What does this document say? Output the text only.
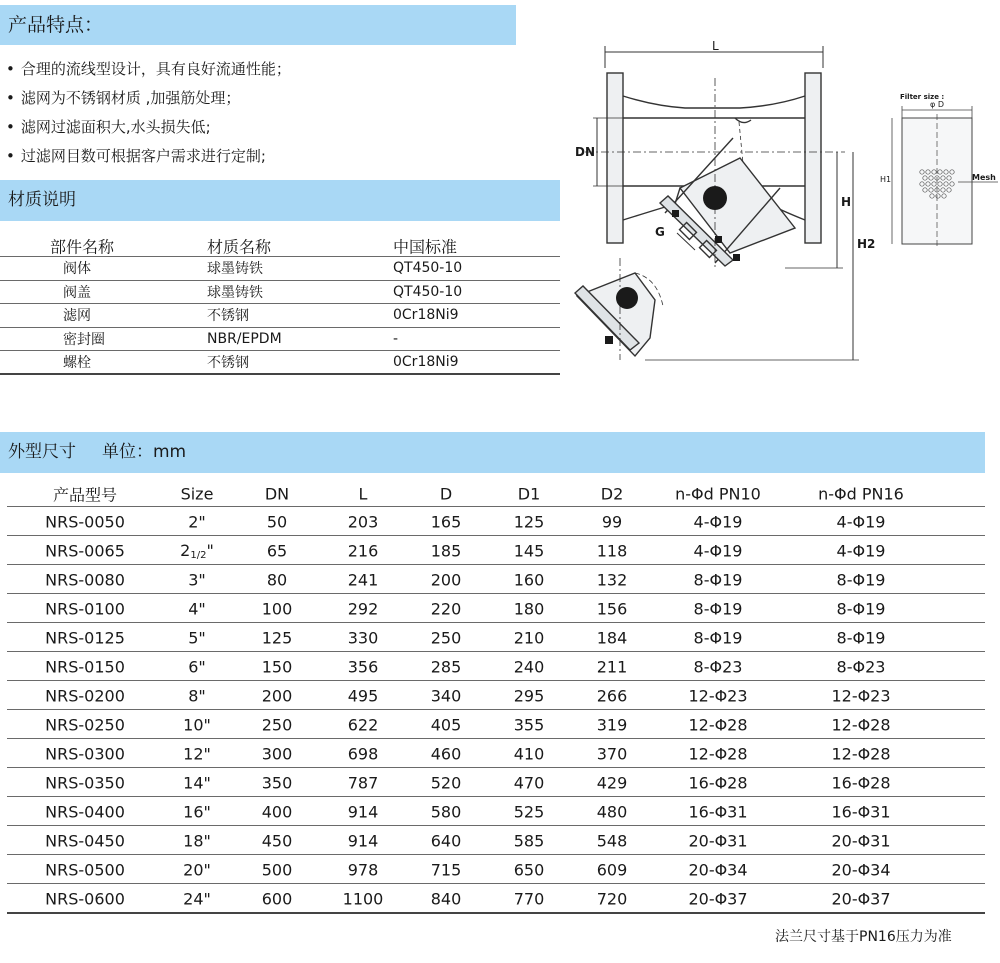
产品特点：
• 合理的流线型设计，具有良好流通性能；
• 滤网为不锈钢材质 ,加强筋处理；
• 滤网过滤面积大,水头损失低;
• 过滤网目数可根据客户需求进行定制;
材质说明
部件名称	材质名称	中国标准
阀体	球墨铸铁	QT450-10
阀盖	球墨铸铁	QT450-10
滤网	不锈钢	0Cr18Ni9
密封圈	NBR/EPDM	-
螺栓	不锈钢	0Cr18Ni9
L
DN
H
H2
G
Filter size :
φ D
H1	Mesh
外型尺寸 单位：mm
产品型号	Size	DN	L	D	D1	D2	n-Φd PN10	n-Φd PN16
NRS-0050	2"	50	203	165	125	99	4-Φ19	4-Φ19
NRS-0065	$2_{1/2}$"	65	216	185	145	118	4-Φ19	4-Φ19
NRS-0080	3"	80	241	200	160	132	8-Φ19	8-Φ19
NRS-0100	4"	100	292	220	180	156	8-Φ19	8-Φ19
NRS-0125	5"	125	330	250	210	184	8-Φ19	8-Φ19
NRS-0150	6"	150	356	285	240	211	8-Φ23	8-Φ23
NRS-0200	8"	200	495	340	295	266	12-Φ23	12-Φ23
NRS-0250	10"	250	622	405	355	319	12-Φ28	12-Φ28
NRS-0300	12"	300	698	460	410	370	12-Φ28	12-Φ28
NRS-0350	14"	350	787	520	470	429	16-Φ28	16-Φ28
NRS-0400	16"	400	914	580	525	480	16-Φ31	16-Φ31
NRS-0450	18"	450	914	640	585	548	20-Φ31	20-Φ31
NRS-0500	20"	500	978	715	650	609	20-Φ34	20-Φ34
NRS-0600	24"	600	1100	840	770	720	20-Φ37	20-Φ37
法兰尺寸基于PN16压力为准
